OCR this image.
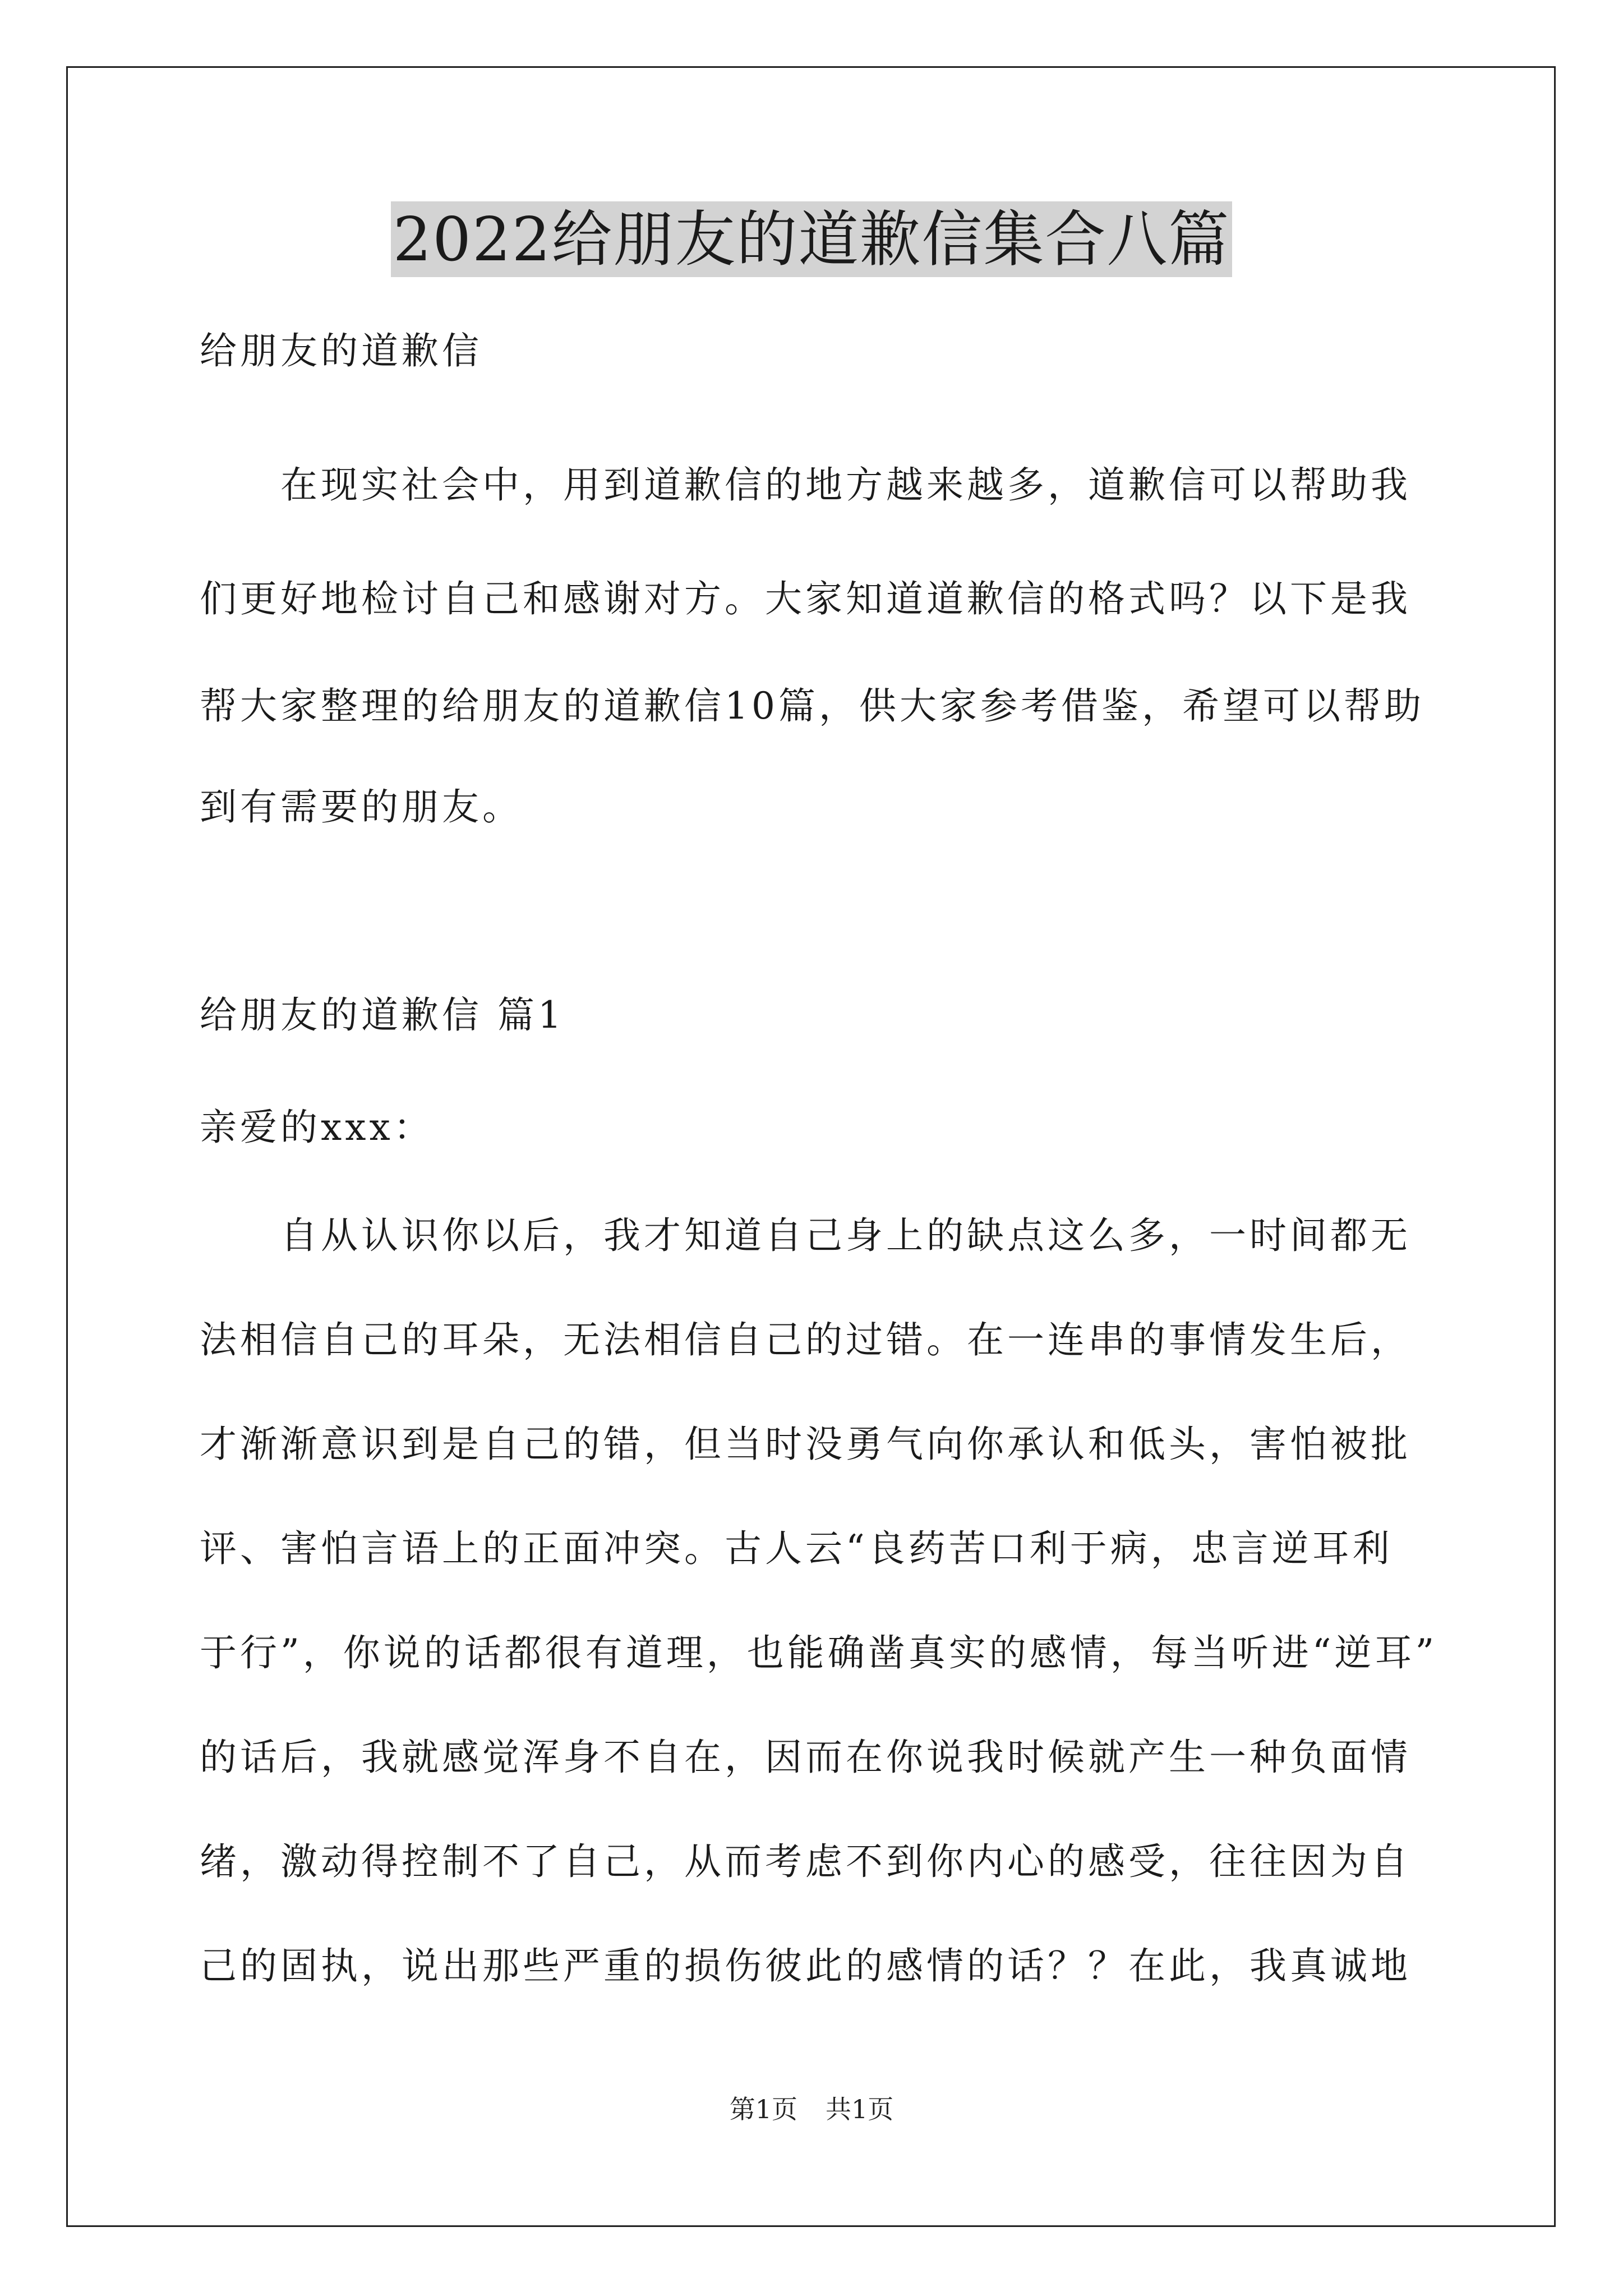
2022给朋友的道歉信集合八篇
给朋友的道歉信
　　在现实社会中，用到道歉信的地方越来越多，道歉信可以帮助我
们更好地检讨自己和感谢对方。大家知道道歉信的格式吗？以下是我
帮大家整理的给朋友的道歉信10篇，供大家参考借鉴，希望可以帮助
到有需要的朋友。
给朋友的道歉信 篇1
亲爱的xxx：
　　自从认识你以后，我才知道自己身上的缺点这么多，一时间都无
法相信自己的耳朵，无法相信自己的过错。在一连串的事情发生后，
才渐渐意识到是自己的错，但当时没勇气向你承认和低头，害怕被批
评、害怕言语上的正面冲突。古人云“良药苦口利于病，忠言逆耳利
于行”，你说的话都很有道理，也能确凿真实的感情，每当听进“逆耳”
的话后，我就感觉浑身不自在，因而在你说我时候就产生一种负面情
绪，激动得控制不了自己，从而考虑不到你内心的感受，往往因为自
己的固执，说出那些严重的损伤彼此的感情的话？？在此，我真诚地
第1页 共1页
